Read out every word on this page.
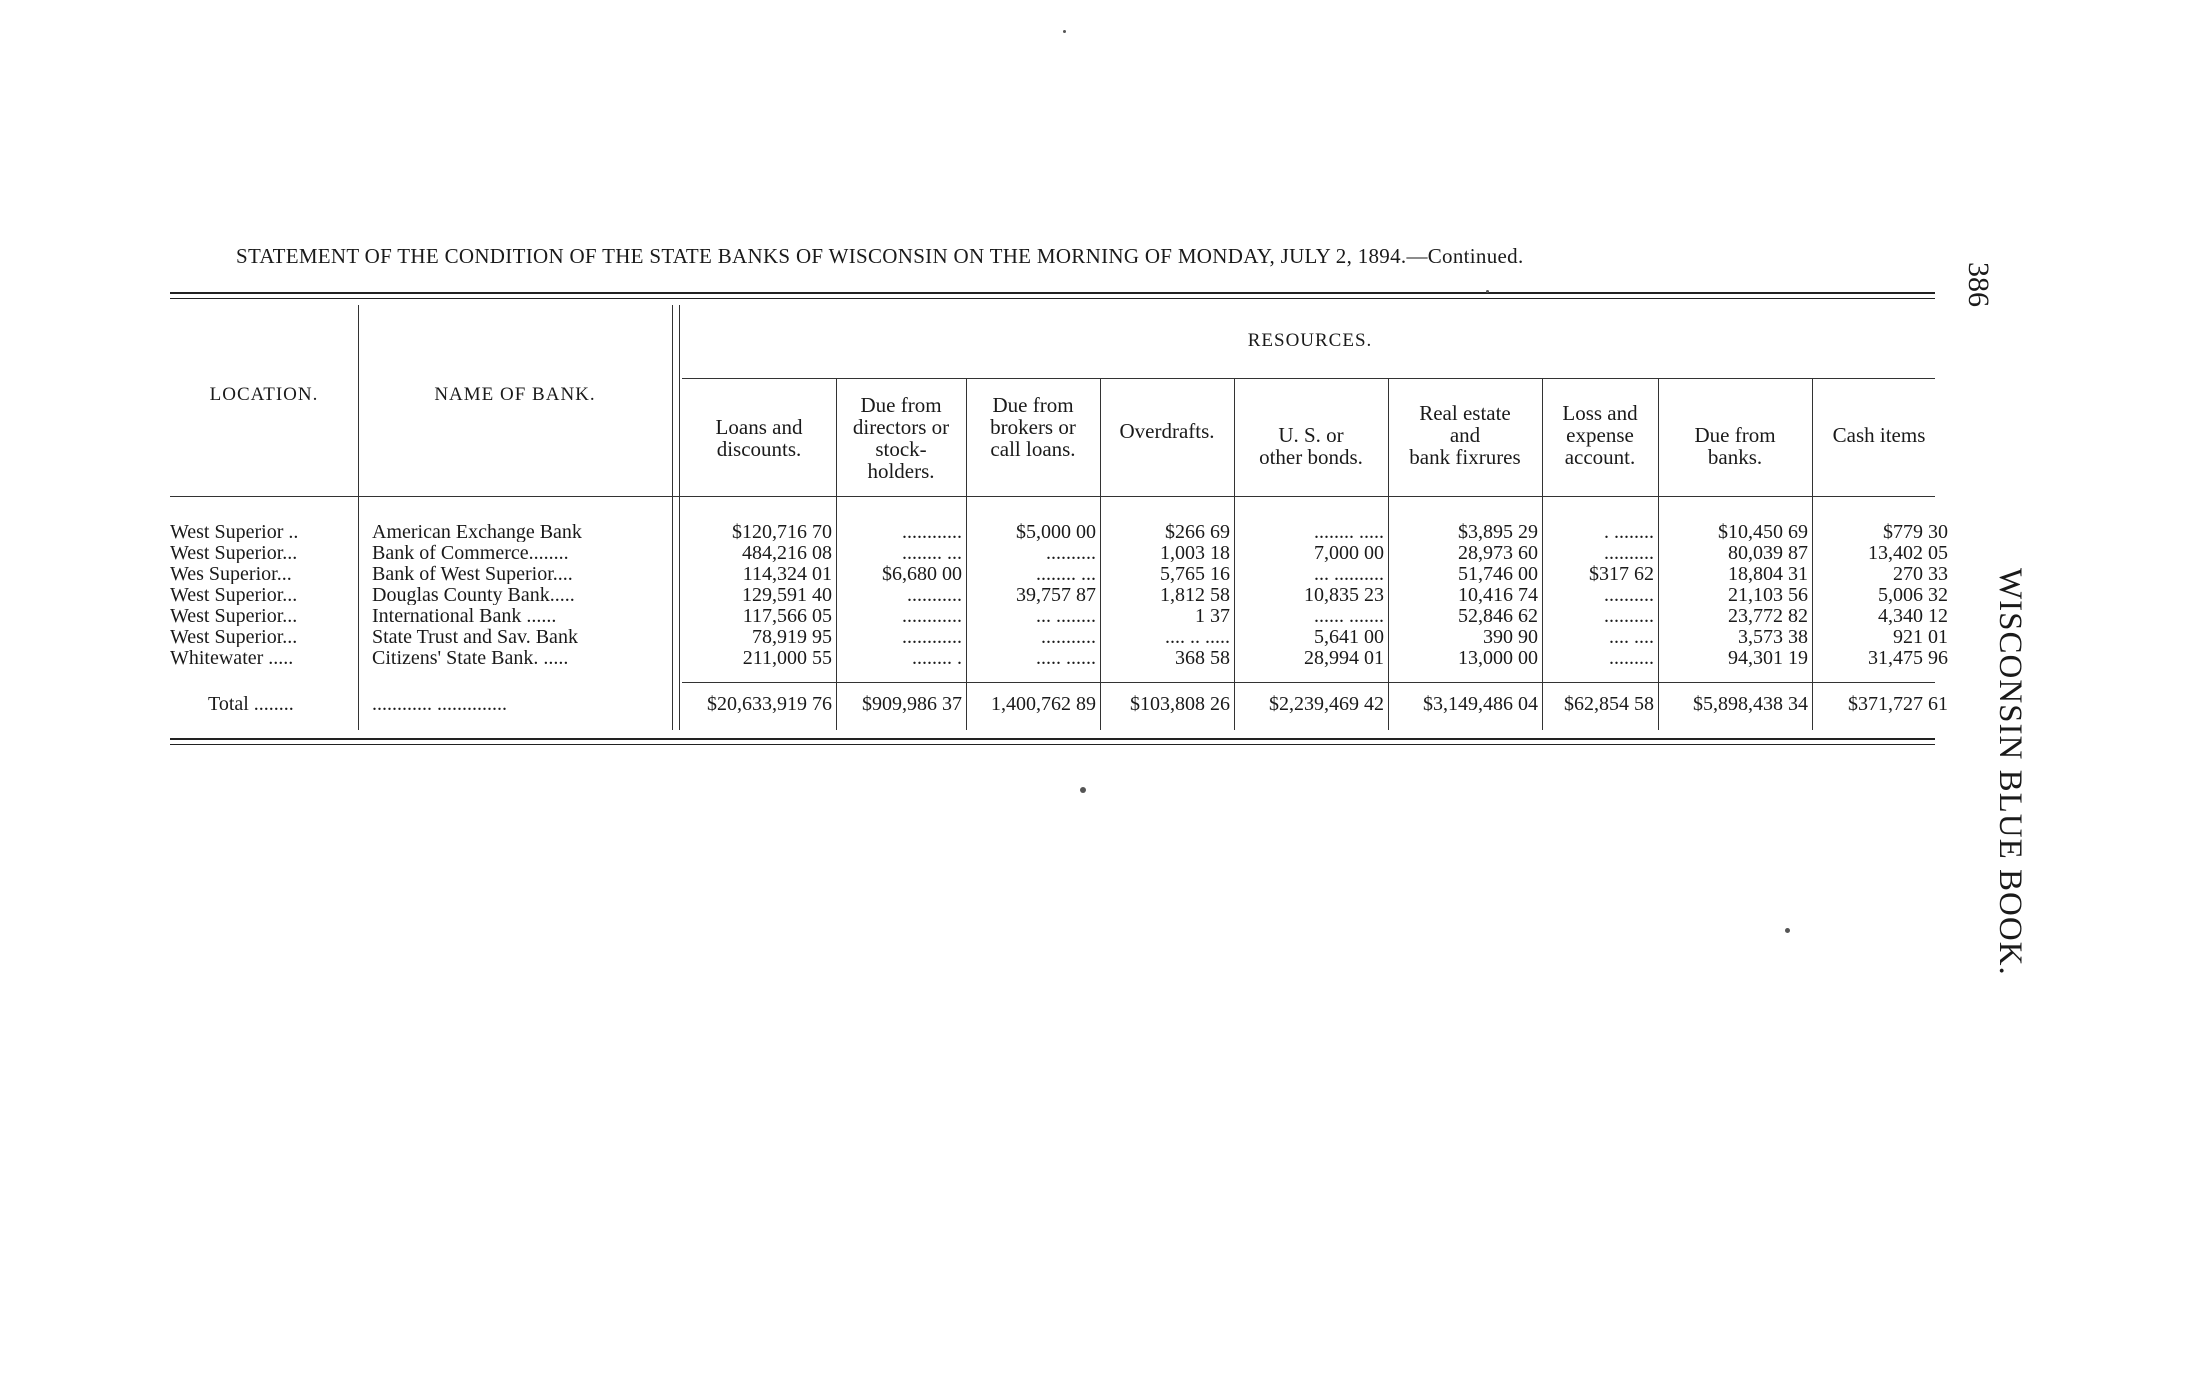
STATEMENT OF THE CONDITION OF THE STATE BANKS OF WISCONSIN ON THE MORNING OF MONDAY, JULY 2, 1894.—Continued.
386
WISCONSIN BLUE BOOK.
LOCATION.	NAME OF BANK.
RESOURCES.
Loans and
discounts.
Due from
directors or
stock-
holders.
Due from
brokers or
call loans.
Overdrafts.	U. S. or
other bonds.
Real estate
and
bank fixrures
Loss and
expense
account.
Due from
banks.
Cash items
West Superior ..	American Exchange Bank	$120,716 70	............	$5,000 00	$266 69	........ .....	$3,895 29	. ........	$10,450 69	$779 30
West Superior...	Bank of Commerce........	484,216 08	........ ...	..........	1,003 18	7,000 00	28,973 60	..........	80,039 87	13,402 05
Wes Superior...	Bank of West Superior....	114,324 01	$6,680 00	........ ...	5,765 16	... ..........	51,746 00	$317 62	18,804 31	270 33
West Superior...	Douglas County Bank.....	129,591 40	...........	39,757 87	1,812 58	10,835 23	10,416 74	..........	21,103 56	5,006 32
West Superior...	International Bank ......	117,566 05	............	... ........	1 37	...... .......	52,846 62	..........	23,772 82	4,340 12
West Superior...	State Trust and Sav. Bank	78,919 95	............	...........	.... .. .....	5,641 00	390 90	.... ....	3,573 38	921 01
Whitewater .....	Citizens' State Bank. .....	211,000 55	........ .	..... ......	368 58	28,994 01	13,000 00	.........	94,301 19	31,475 96
Total ........	............ ..............	$20,633,919 76	$909,986 37	1,400,762 89	$103,808 26	$2,239,469 42	$3,149,486 04	$62,854 58	$5,898,438 34	$371,727 61
